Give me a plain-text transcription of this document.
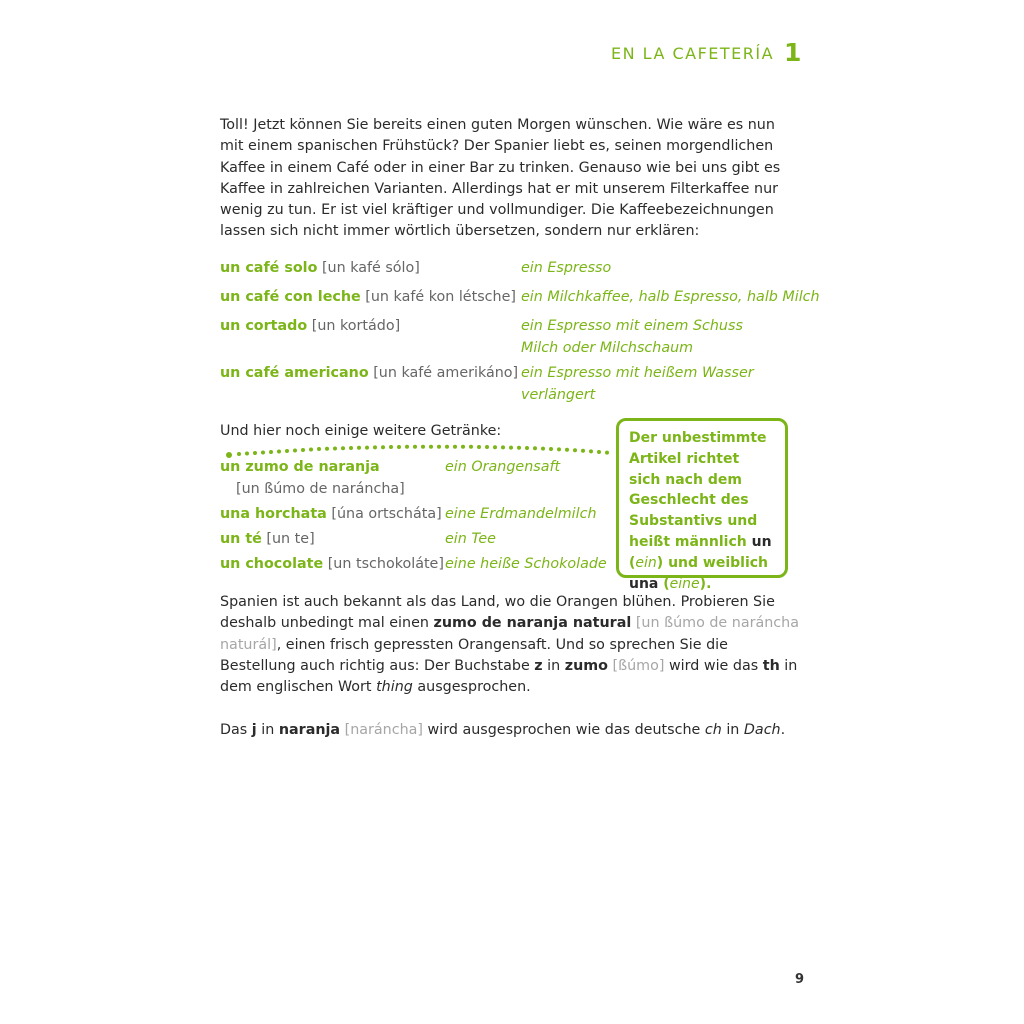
EN LA CAFETERÍA 1

Toll! Jetzt können Sie bereits einen guten Morgen wünschen. Wie wäre es nun mit einem spanischen Frühstück? Der Spanier liebt es, seinen morgendlichen Kaffee in einem Café oder in einer Bar zu trinken. Genauso wie bei uns gibt es Kaffee in zahlreichen Varianten. Allerdings hat er mit unserem Filterkaffee nur wenig zu tun. Er ist viel kräftiger und vollmundiger. Die Kaffeebezeichnungen lassen sich nicht immer wörtlich übersetzen, sondern nur erklären:

un café solo [un kafé sólo]	ein Espresso
un café con leche [un kafé kon létsche] ein Milchkaffee, halb Espresso, halb Milch
un cortado [un kortádo]	ein Espresso mit einem Schuss Milch oder Milchschaum
un café americano [un kafé amerikáno] ein Espresso mit heißem Wasser verlängert
Und hier noch einige weitere Getränke:
un zumo de naranja	ein Orangensaft
[un ßúmo de naráncha]
una horchata [úna ortscháta] eine Erdmandelmilch
un té [un te]	ein Tee
un chocolate [un tschokoláte] eine heiße Schokolade
Der unbestimmte Artikel richtet sich nach dem Geschlecht des Substantivs und heißt männlich un (ein) und weiblich una (eine).

Spanien ist auch bekannt als das Land, wo die Orangen blühen. Probieren Sie deshalb unbedingt mal einen zumo de naranja natural [un ßúmo de naráncha naturál], einen frisch gepressten Orangensaft. Und so sprechen Sie die Bestellung auch richtig aus: Der Buchstabe z in zumo [ßúmo] wird wie das th in dem englischen Wort thing ausgesprochen.

Das j in naranja [naráncha] wird ausgesprochen wie das deutsche ch in Dach.

9
